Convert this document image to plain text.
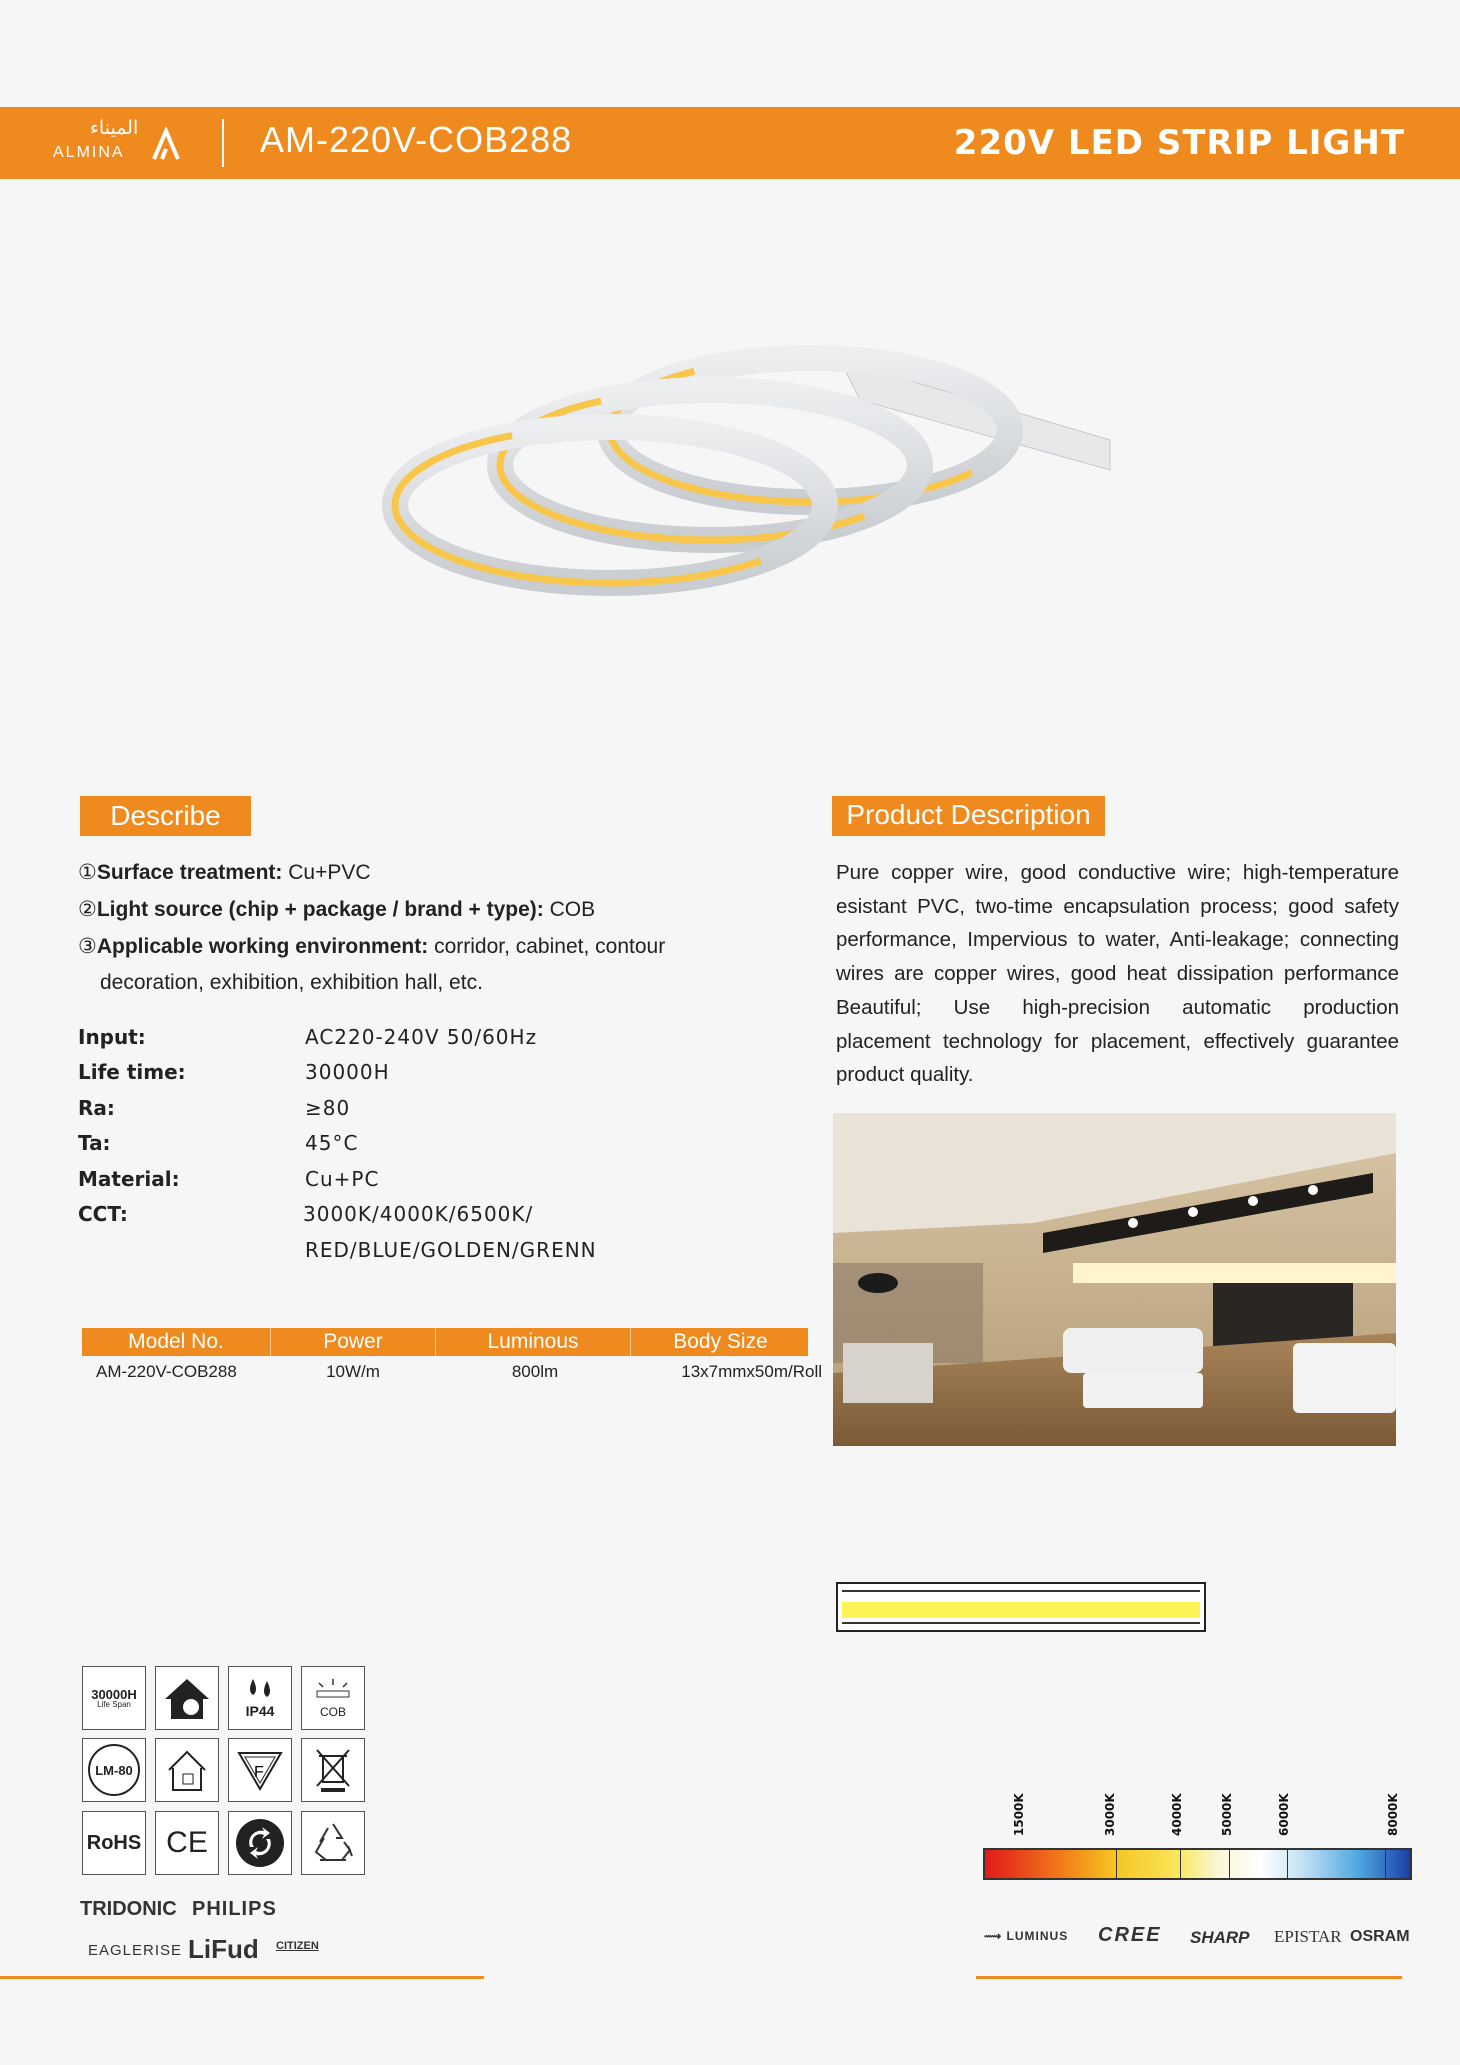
الميناء
ALMINA	AM-220V-COB288	220V LED STRIP LIGHT
Describe
①Surface treatment: Cu+PVC
②Light source (chip + package / brand + type): COB
③Applicable working environment: corridor, cabinet, contour
decoration, exhibition, exhibition hall, etc.
Input:	AC220-240V 50/60Hz
Life time:	30000H
Ra:	≥80
Ta:	45°C
Material:	Cu+PC
CCT:	3000K/4000K/6500K/
RED/BLUE/GOLDEN/GRENN
Model No.	Power	Luminous	Body Size
AM-220V-COB288	10W/m	800lm	13x7mmx50m/Roll
Product Description
Pure copper wire, good conductive wire; high-temperature
esistant PVC, two-time encapsulation process; good safety
performance, Impervious to water, Anti-leakage; connecting
wires are copper wires, good heat dissipation performance
Beautiful; Use high-precision automatic production
placement technology for placement, effectively guarantee
product quality.
30000H
Life Span	IP44	COB
LM-80	F
RoHS CE
TRIDONIC PHILIPS
EAGLERISE LiFud CITIZEN
1500K	3000K	4000K	5000K	6000K	8000K
⟿ LUMINUS CREE SHARP EPISTAR OSRAM
